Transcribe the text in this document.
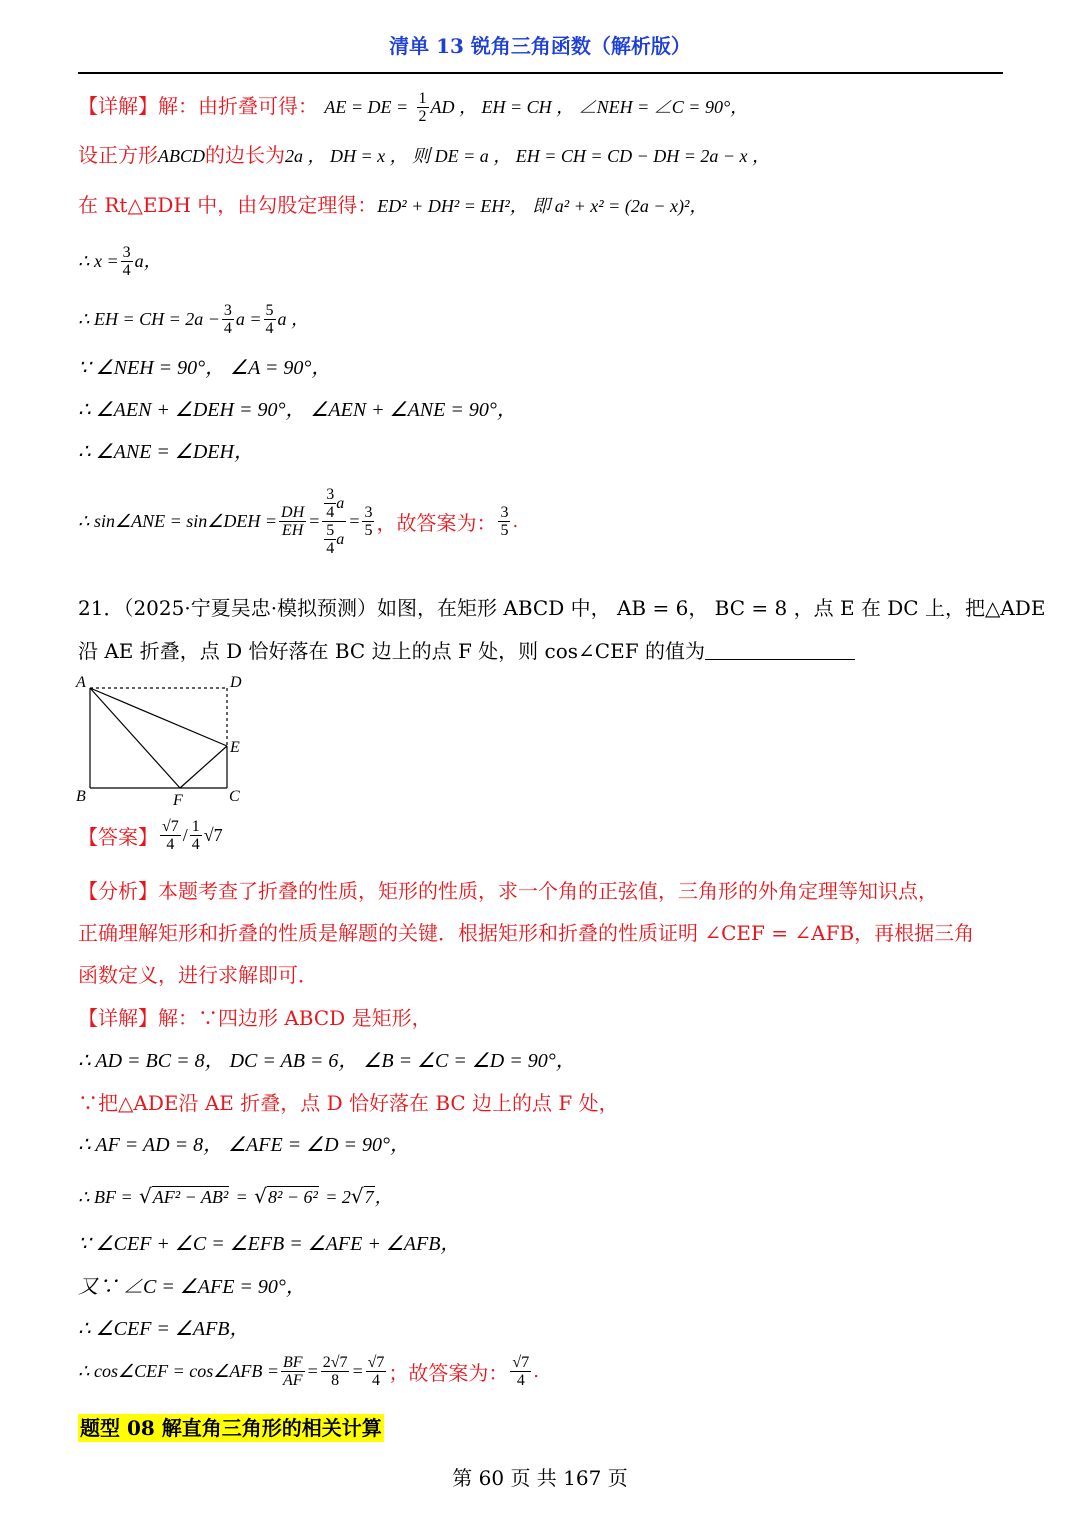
清单 13 锐角三角函数（解析版）
【详解】解：由折叠可得： AE = DE = $\frac{1}{2}$ AD ， EH = CH ， ∠NEH = ∠C = 90°，
设正方形ABCD的边长为2a ， DH = x ， 则 DE = a ， EH = CH = CD − DH = 2a − x ，
在 Rt△EDH 中，由勾股定理得：ED² + DH² = EH²， 即 a² + x² = (2a − x)²，
∴ $x = \frac{3}{4}$ a，
∴ EH = CH = $2a - \frac{3}{4}$ $a = \frac{5}{4}$ a ，
∵ ∠NEH = 90°， ∠A = 90°，
∴ ∠AEN + ∠DEH = 90°， ∠AEN + ∠ANE = 90°，
∴ ∠ANE = ∠DEH，
∴ sin∠ANE = sin∠DEH = $\frac{DH}{EH} = \frac{\frac{3}{4} a}{\frac{5}{4} a} = \frac{3}{5}$ ，故答案为： $\frac{3}{5}$ .
21．（2025·宁夏吴忠·模拟预测）如图，在矩形 ABCD 中， AB = 6， BC = 8 ，点 E 在 DC 上，把△ADE
沿 AE 折叠，点 D 恰好落在 BC 边上的点 F 处，则 cos∠CEF 的值为
A	D
E
B	F	C
【答案】 $\frac{√7}{4} / \frac{1}{4} √7$
【分析】本题考查了折叠的性质，矩形的性质，求一个角的正弦值，三角形的外角定理等知识点，
正确理解矩形和折叠的性质是解题的关键．根据矩形和折叠的性质证明 ∠CEF = ∠AFB，再根据三角
函数定义，进行求解即可．
【详解】解：∵四边形 ABCD 是矩形，
∴ AD = BC = 8， DC = AB = 6， ∠B = ∠C = ∠D = 90°，
∵把△ADE沿 AE 折叠，点 D 恰好落在 BC 边上的点 F 处，
∴ AF = AD = 8， ∠AFE = ∠D = 90°，
∴ BF = √AF² − AB² = √8² − 6² = 2√7，
∵ ∠CEF + ∠C = ∠EFB = ∠AFE + ∠AFB，
又∵ ∠C = ∠AFE = 90°，
∴ ∠CEF = ∠AFB，
∴ cos∠CEF = cos∠AFB = $\frac{BF}{AF} = \frac{2√7}{8} = \frac{√7}{4}$ ；故答案为： $\frac{√7}{4}$ .
题型 08 解直角三角形的相关计算
第 60 页 共 167 页
